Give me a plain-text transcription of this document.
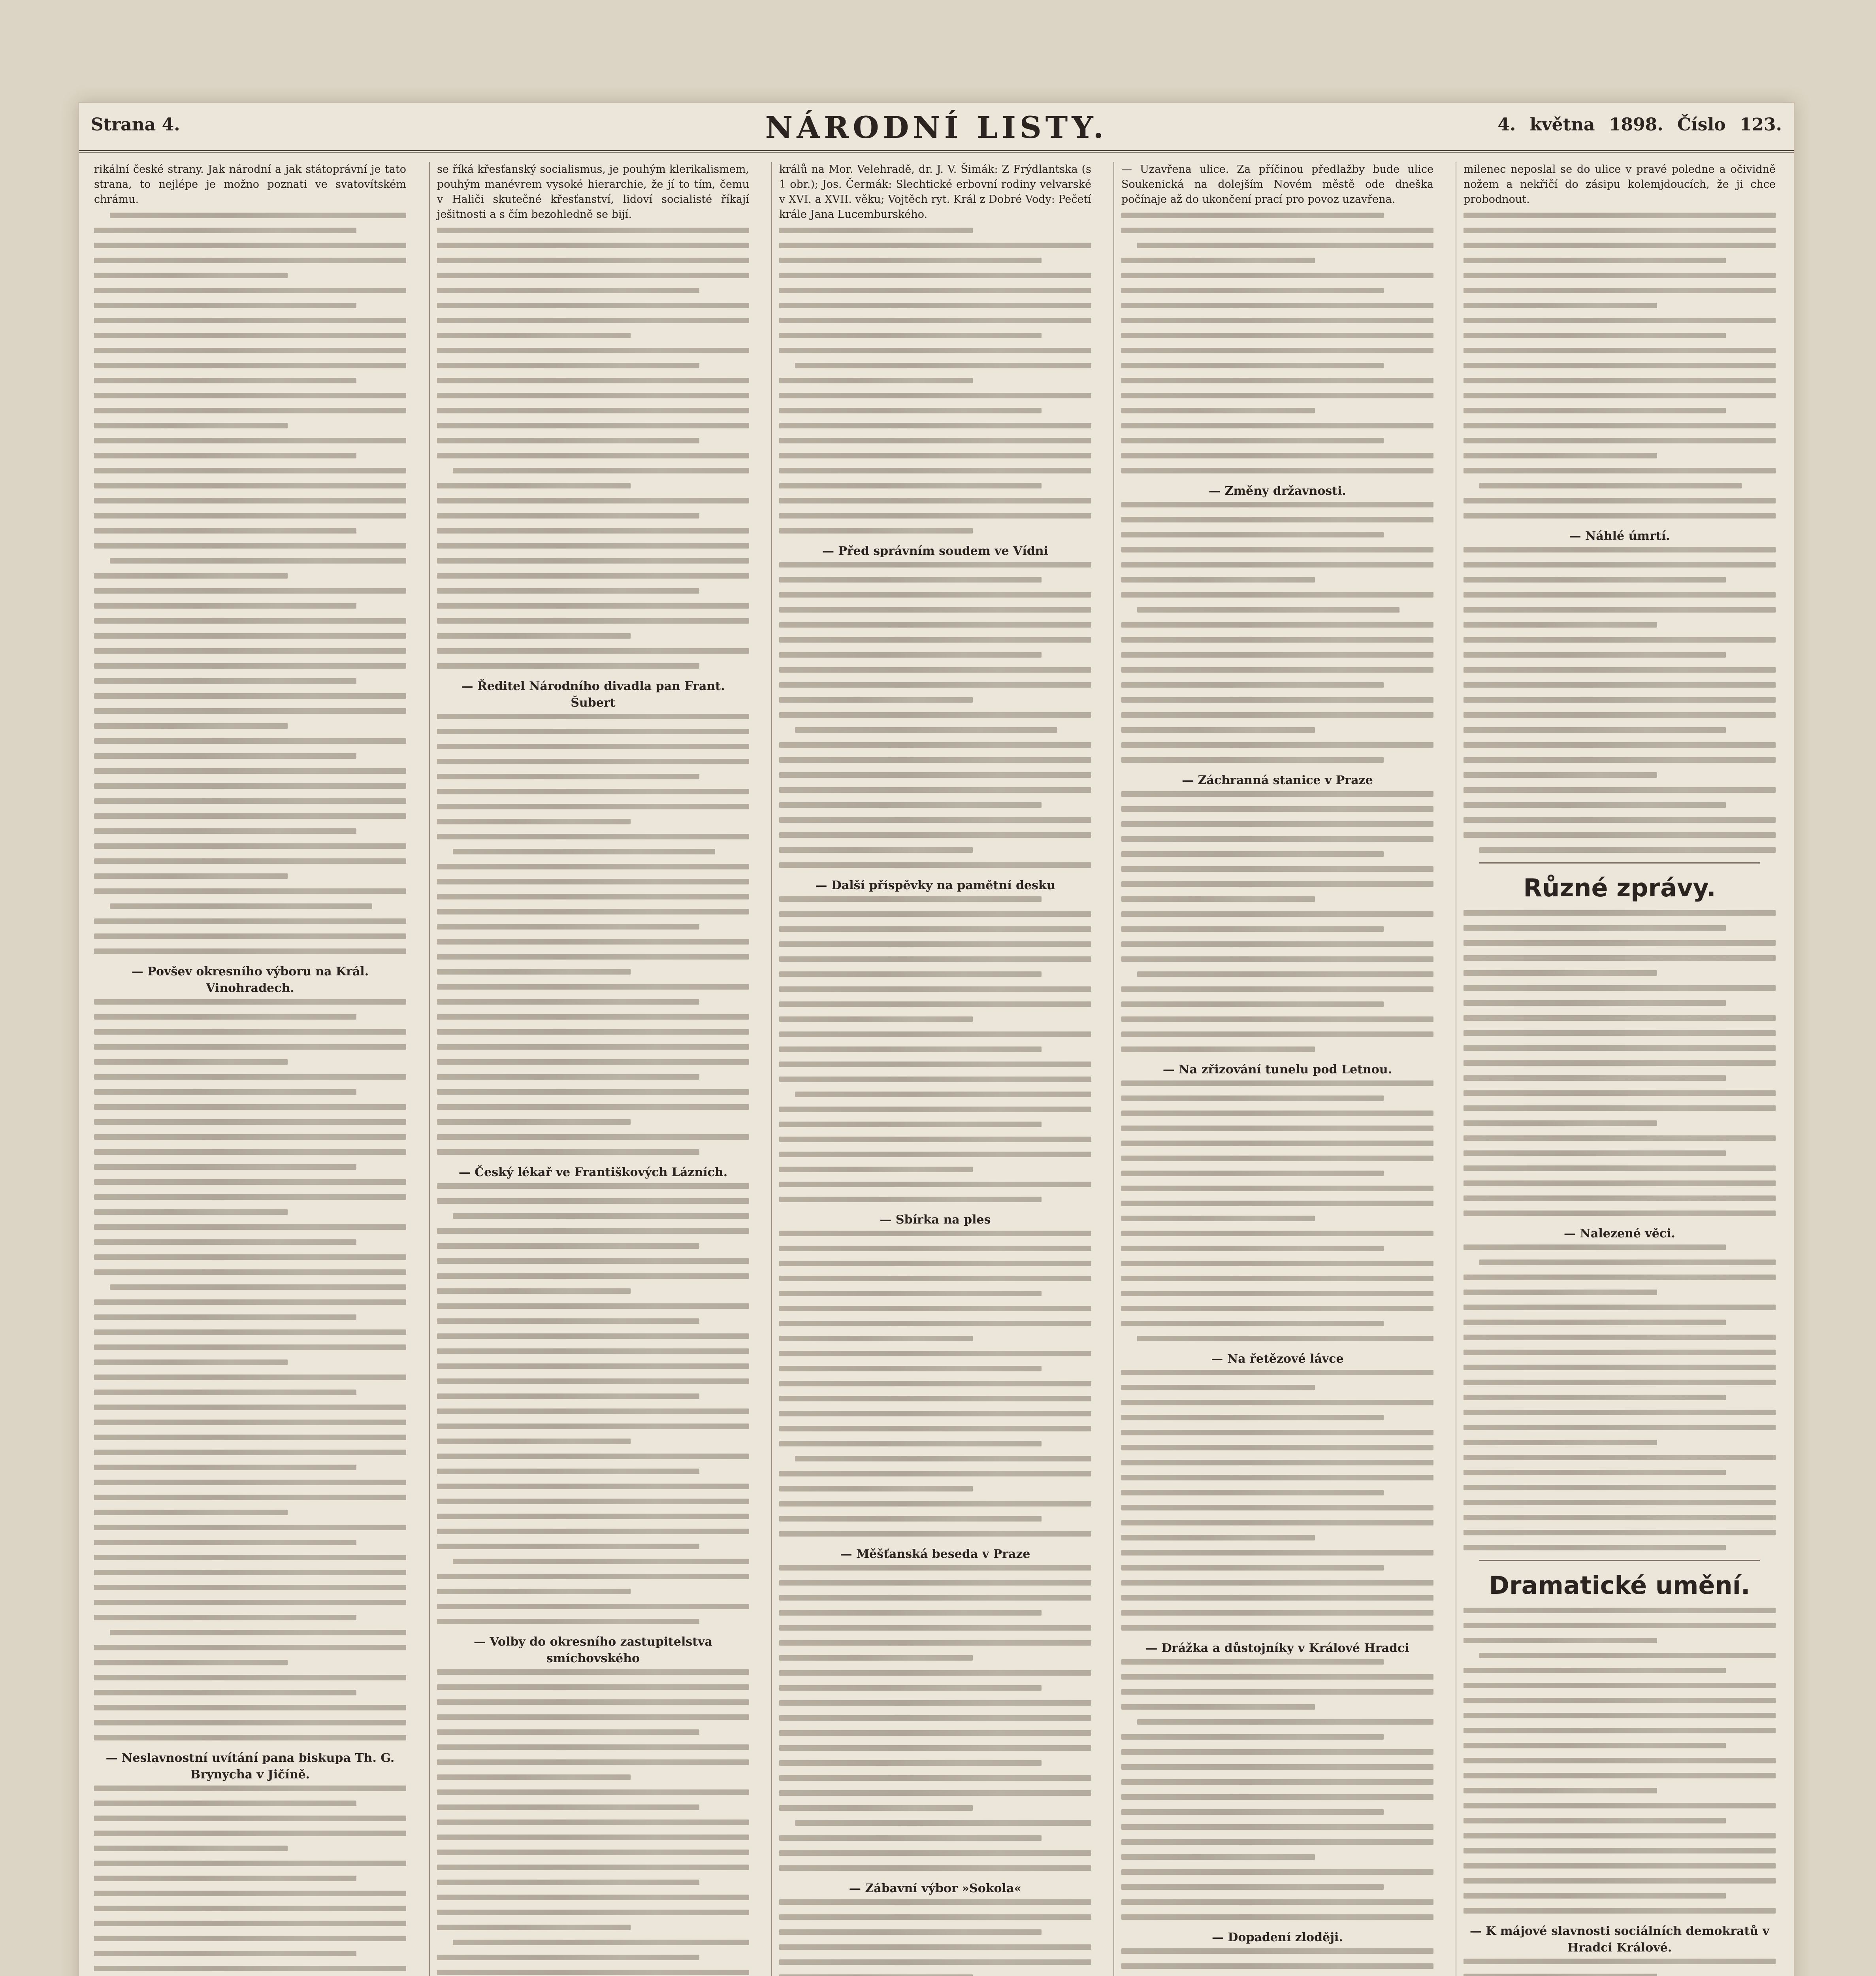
Strana 4.	NÁRODNÍ LISTY.	4. května 1898. Číslo 123.

rikální české strany. Jak národní a jak státoprávní je tato strana, to nejlépe je možno poznati ve svatovítském chrámu.

— Povšev okresního výboru na Král. Vinohradech.
— Neslavnostní uvítání pana biskupa Th. G. Brynycha v Jičíně.

se říká křesťanský socialismus, je pouhým klerikalismem, pouhým manévrem vysoké hierarchie, že jí to tím, čemu v Haliči skutečné křesťanství, lidoví socialisté říkají ješitnosti a s čím bezohledně se bijí.

— Ředitel Národního divadla pan Frant. Šubert
— Český lékař ve Františkových Lázních.
— Volby do okresního zastupitelstva smíchovského

králů na Mor. Velehradě, dr. J. V. Šimák: Z Frýdlantska (s 1 obr.); Jos. Čermák: Slechtické erbovní rodiny velvarské v XVI. a XVII. věku; Vojtěch ryt. Král z Dobré Vody: Pečetí krále Jana Lucemburského.

— Před správním soudem ve Vídni
— Další příspěvky na pamětní desku
— Sbírka na ples
— Měšťanská beseda v Praze
— Zábavní výbor »Sokola«

— Uzavřena ulice. Za příčinou předlažby bude ulice Soukenická na dolejším Novém městě ode dneška počínaje až do ukončení prací pro povoz uzavřena.

— Změny državnosti.
— Záchranná stanice v Praze
— Na zřizování tunelu pod Letnou.
— Na řetězové lávce
— Drážka a důstojníky v Králové Hradci
— Dopadení zloději.

milenec neposlal se do ulice v pravé poledne a očividně nožem a nekřičí do zásipu kolemjdoucích, že ji chce probodnout.

— Náhlé úmrtí.
Různé zprávy.
— Nalezené věci.
Dramatické umění.
— K májové slavnosti sociálních demokratů v Hradci Králové.
